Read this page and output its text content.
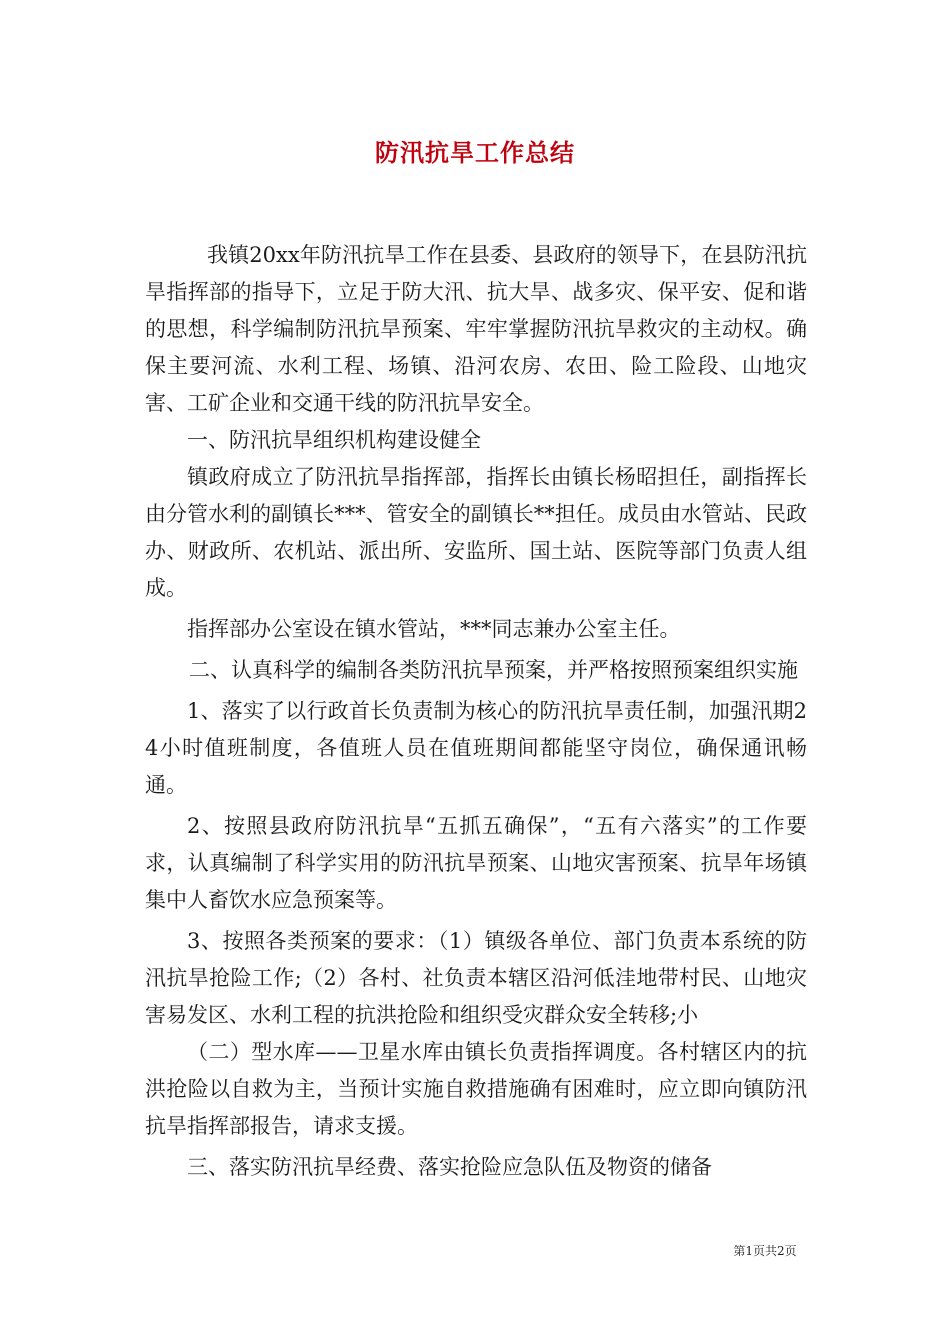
防汛抗旱工作总结

我镇20xx年防汛抗旱工作在县委、县政府的领导下，在县防汛抗旱指挥部的指导下，立足于防大汛、抗大旱、战多灾、保平安、促和谐的思想，科学编制防汛抗旱预案、牢牢掌握防汛抗旱救灾的主动权。确保主要河流、水利工程、场镇、沿河农房、农田、险工险段、山地灾害、工矿企业和交通干线的防汛抗旱安全。

一、防汛抗旱组织机构建设健全

镇政府成立了防汛抗旱指挥部，指挥长由镇长杨昭担任，副指挥长由分管水利的副镇长***、管安全的副镇长**担任。成员由水管站、民政办、财政所、农机站、派出所、安监所、国土站、医院等部门负责人组成。

指挥部办公室设在镇水管站，***同志兼办公室主任。

二、认真科学的编制各类防汛抗旱预案，并严格按照预案组织实施

1、落实了以行政首长负责制为核心的防汛抗旱责任制，加强汛期24小时值班制度，各值班人员在值班期间都能坚守岗位，确保通讯畅通。

2、按照县政府防汛抗旱“五抓五确保”，“五有六落实”的工作要求，认真编制了科学实用的防汛抗旱预案、山地灾害预案、抗旱年场镇集中人畜饮水应急预案等。

3、按照各类预案的要求：（1）镇级各单位、部门负责本系统的防汛抗旱抢险工作;（2）各村、社负责本辖区沿河低洼地带村民、山地灾害易发区、水利工程的抗洪抢险和组织受灾群众安全转移;小

（二）型水库——卫星水库由镇长负责指挥调度。各村辖区内的抗洪抢险以自救为主，当预计实施自救措施确有困难时，应立即向镇防汛抗旱指挥部报告，请求支援。

三、落实防汛抗旱经费、落实抢险应急队伍及物资的储备

第1页共2页
